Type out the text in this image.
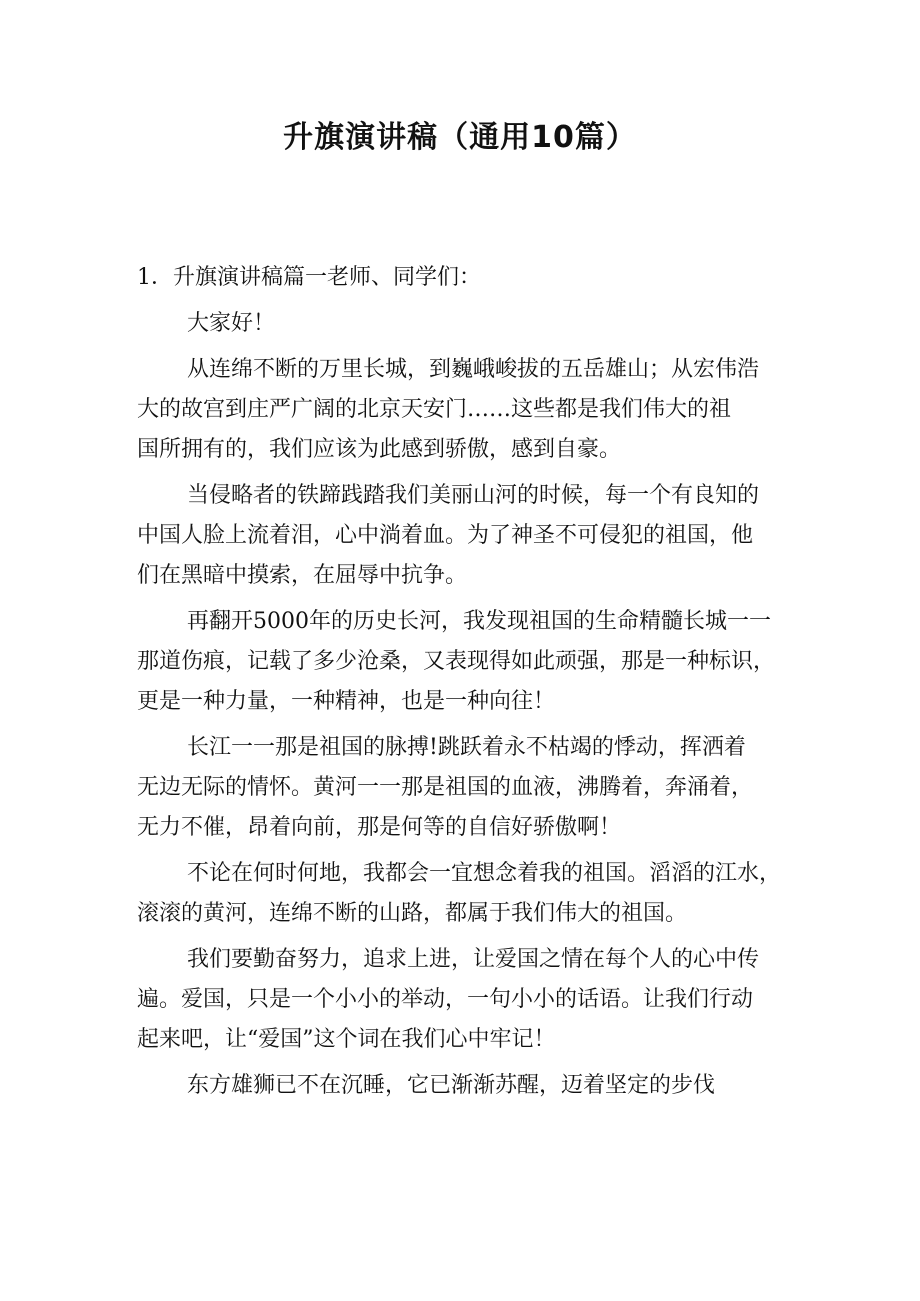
升旗演讲稿（通用10篇）
1．升旗演讲稿篇一老师、同学们：
大家好！
从连绵不断的万里长城，到巍峨峻拔的五岳雄山；从宏伟浩
大的故宫到庄严广阔的北京天安门……这些都是我们伟大的祖
国所拥有的，我们应该为此感到骄傲，感到自豪。
当侵略者的铁蹄践踏我们美丽山河的时候，每一个有良知的
中国人脸上流着泪，心中淌着血。为了神圣不可侵犯的祖国，他
们在黑暗中摸索，在屈辱中抗争。
再翻开5000年的历史长河，我发现祖国的生命精髓长城一一
那道伤痕，记载了多少沧桑，又表现得如此顽强，那是一种标识，
更是一种力量，一种精神，也是一种向往！
长江一一那是祖国的脉搏!跳跃着永不枯竭的悸动，挥洒着
无边无际的情怀。黄河一一那是祖国的血液，沸腾着，奔涌着，
无力不催，昂着向前，那是何等的自信好骄傲啊！
不论在何时何地，我都会一宜想念着我的祖国。滔滔的江水，
滚滚的黄河，连绵不断的山路，都属于我们伟大的祖国。
我们要勤奋努力，追求上进，让爱国之情在每个人的心中传
遍。爱国，只是一个小小的举动，一句小小的话语。让我们行动
起来吧，让“爱国”这个词在我们心中牢记！
东方雄狮已不在沉睡，它已渐渐苏醒，迈着坚定的步伐
